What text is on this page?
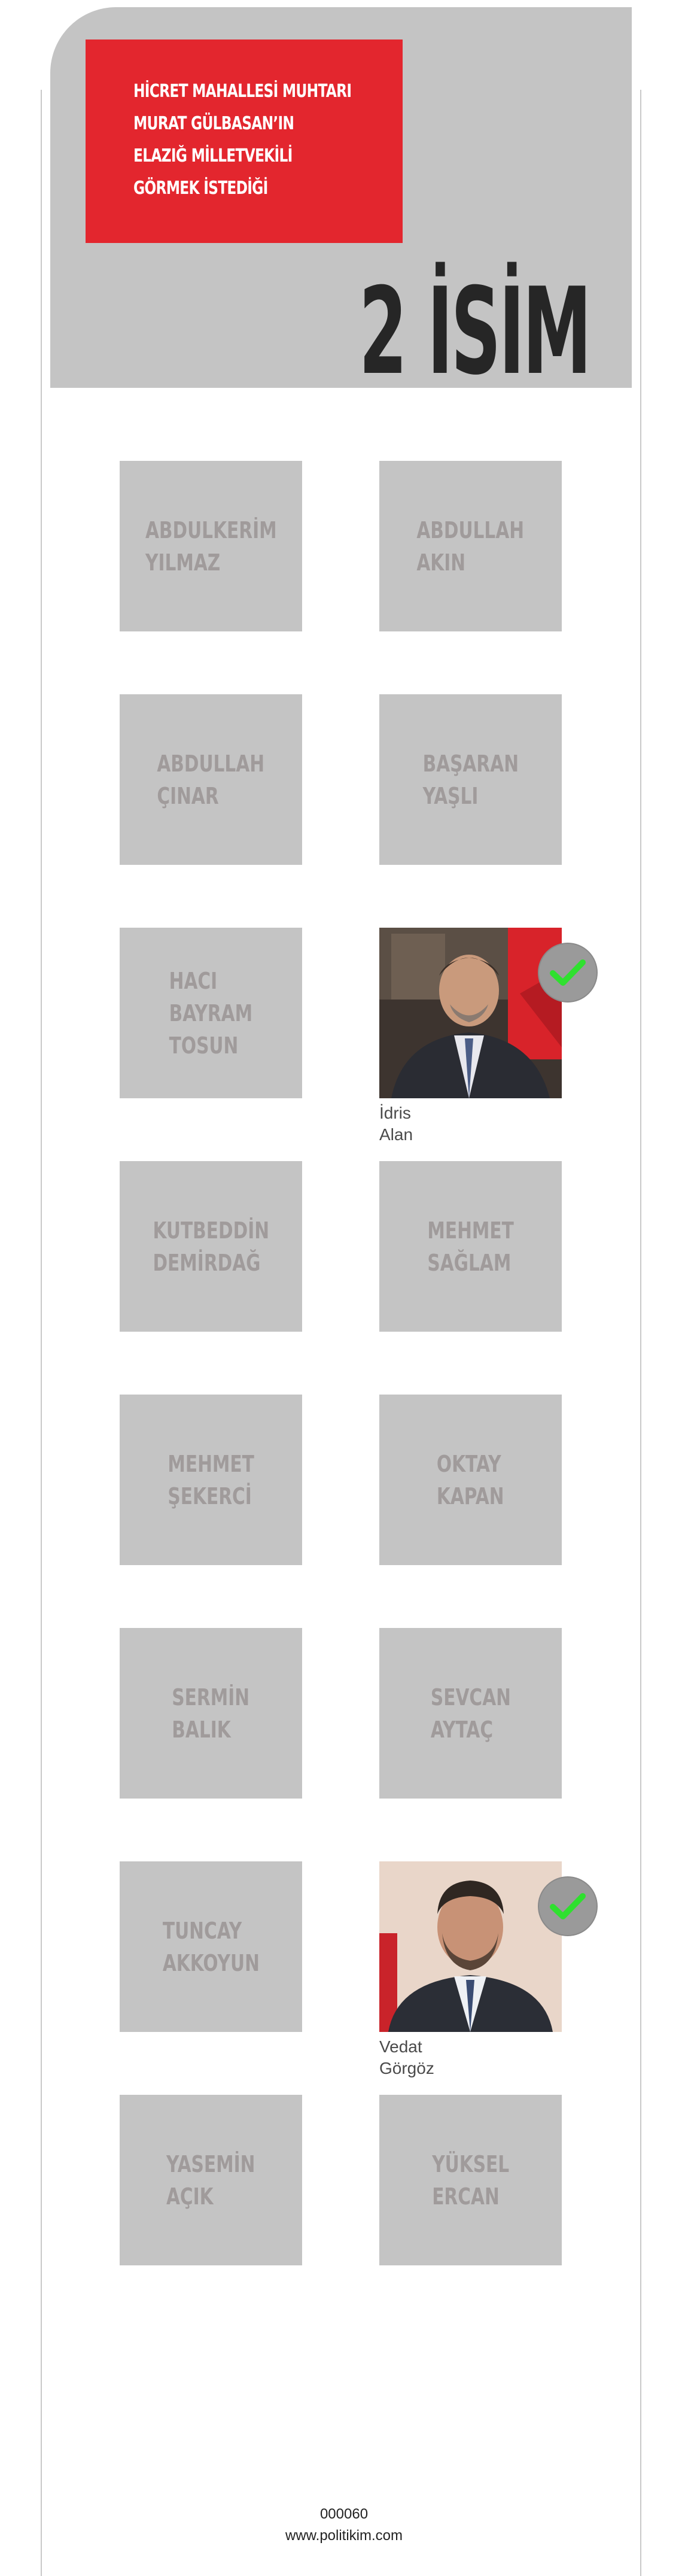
HİCRET MAHALLESİ MUHTARI
MURAT GÜLBASAN’IN
ELAZIĞ MİLLETVEKİLİ
GÖRMEK İSTEDİĞİ
2 İSİM
ABDULKERİM
YILMAZ
ABDULLAH
AKIN
ABDULLAH
ÇINAR
BAŞARAN
YAŞLI
HACI
BAYRAM
TOSUN
İdris
Alan
KUTBEDDİN
DEMİRDAĞ
MEHMET
SAĞLAM
MEHMET
ŞEKERCİ
OKTAY
KAPAN
SERMİN
BALIK
SEVCAN
AYTAÇ
TUNCAY
AKKOYUN
Vedat
Görgöz
YASEMİN
AÇIK
YÜKSEL
ERCAN
000060
www.politikim.com
